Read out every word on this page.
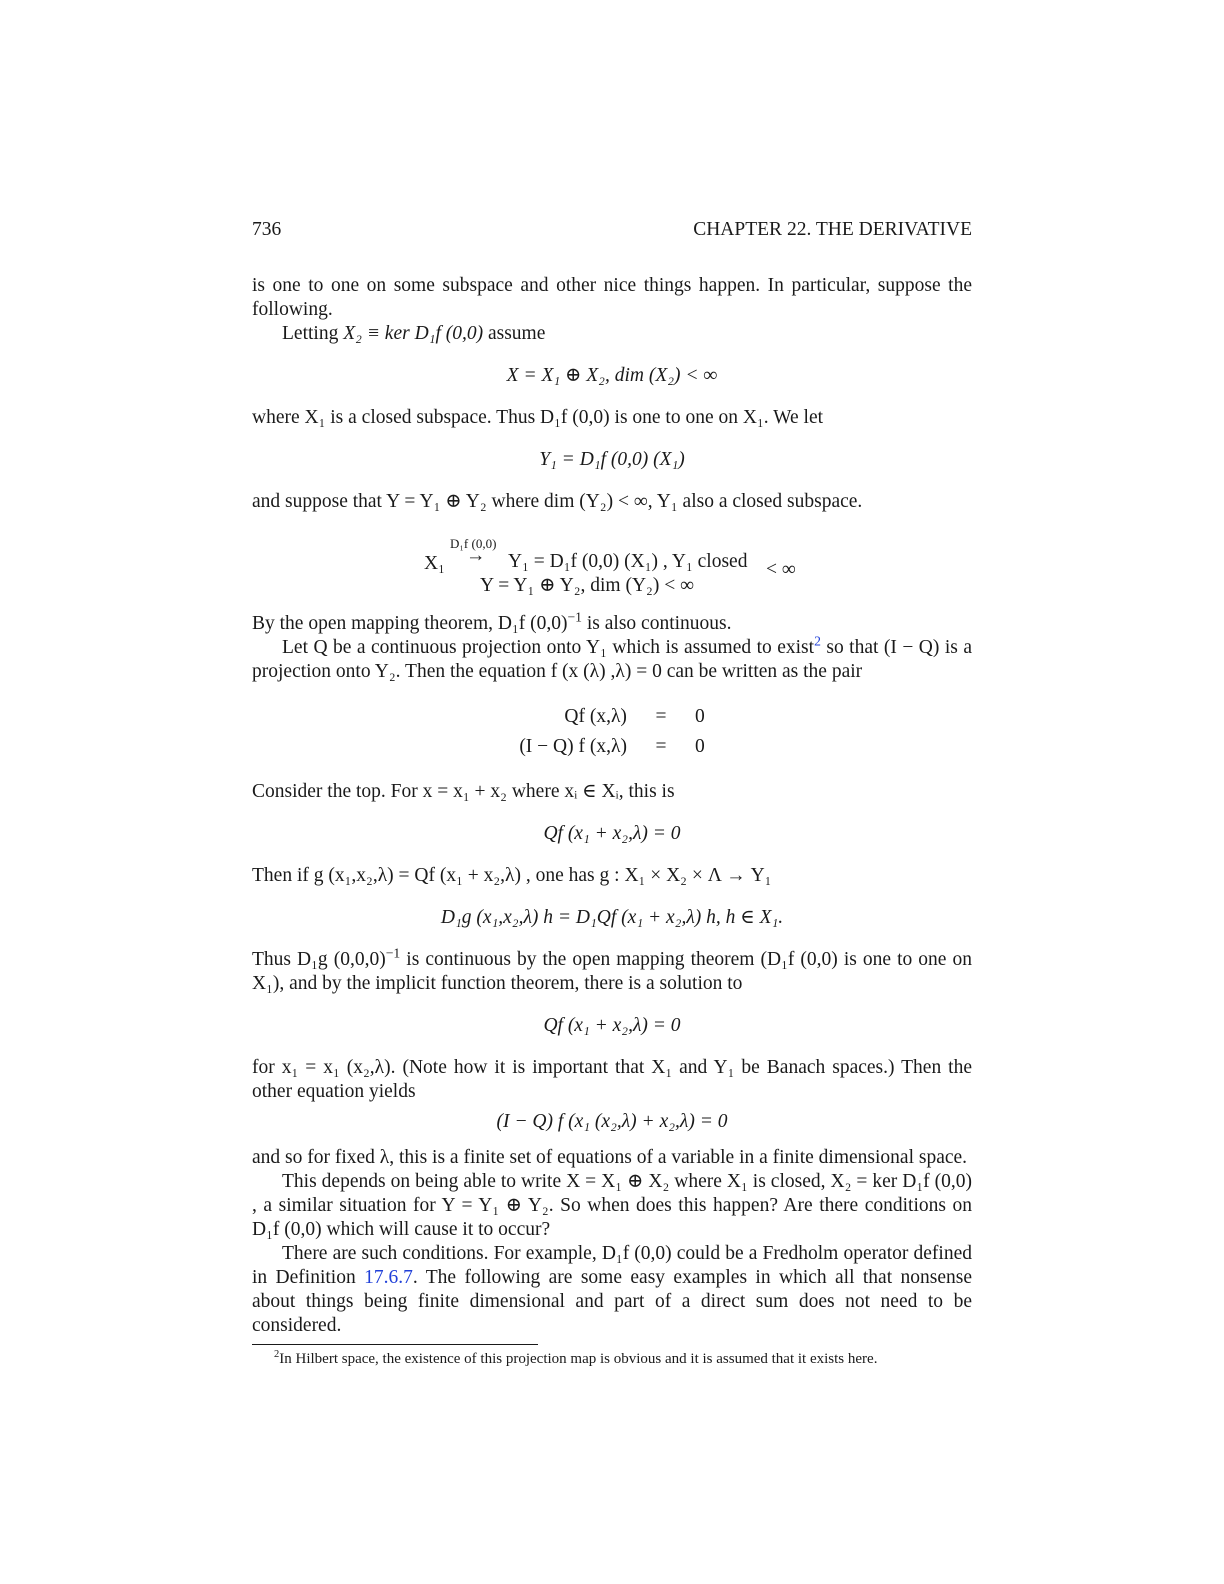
736	CHAPTER 22. THE DERIVATIVE

is one to one on some subspace and other nice things happen. In particular, suppose the following.

Letting X₂ ≡ ker D₁f (0,0) assume

X = X₁ ⊕ X₂, dim (X₂) < ∞

where X₁ is a closed subspace. Thus D₁f (0,0) is one to one on X₁. We let

Y₁ = D₁f (0,0) (X₁)

and suppose that Y = Y₁ ⊕ Y₂ where dim (Y₂) < ∞, Y₁ also a closed subspace.

X₁
D₁f (0,0)
→ Y₁ = D₁f (0,0) (X₁) , Y₁ closed
Y = Y₁ ⊕ Y₂, dim (Y₂) < ∞
< ∞

By the open mapping theorem, D₁f $(0,0)^{-1}$ is also continuous.

Let Q be a continuous projection onto Y₁ which is assumed to exist$^2$ so that (I − Q) is a projection onto Y₂. Then the equation f (x (λ) ,λ) = 0 can be written as the pair

Qf (x,λ)	=	0
(I − Q) f (x,λ)	=	0

Consider the top. For x = x₁ + x₂ where xᵢ ∈ Xᵢ, this is

Qf (x₁ + x₂,λ) = 0

Then if g (x₁,x₂,λ) = Qf (x₁ + x₂,λ) , one has g : X₁ × X₂ × Λ → Y₁

D₁g (x₁,x₂,λ) h = D₁Qf (x₁ + x₂,λ) h, h ∈ X₁.

Thus D₁g $(0,0,0)^{-1}$ is continuous by the open mapping theorem (D₁f (0,0) is one to one on X₁), and by the implicit function theorem, there is a solution to

Qf (x₁ + x₂,λ) = 0

for x₁ = x₁ (x₂,λ). (Note how it is important that X₁ and Y₁ be Banach spaces.) Then the other equation yields

(I − Q) f (x₁ (x₂,λ) + x₂,λ) = 0

and so for fixed λ, this is a finite set of equations of a variable in a finite dimensional space.

This depends on being able to write X = X₁ ⊕ X₂ where X₁ is closed, X₂ = ker D₁f (0,0) , a similar situation for Y = Y₁ ⊕ Y₂. So when does this happen? Are there conditions on D₁f (0,0) which will cause it to occur?

There are such conditions. For example, D₁f (0,0) could be a Fredholm operator defined in Definition 17.6.7. The following are some easy examples in which all that nonsense about things being finite dimensional and part of a direct sum does not need to be considered.

$^2$In Hilbert space, the existence of this projection map is obvious and it is assumed that it exists here.
